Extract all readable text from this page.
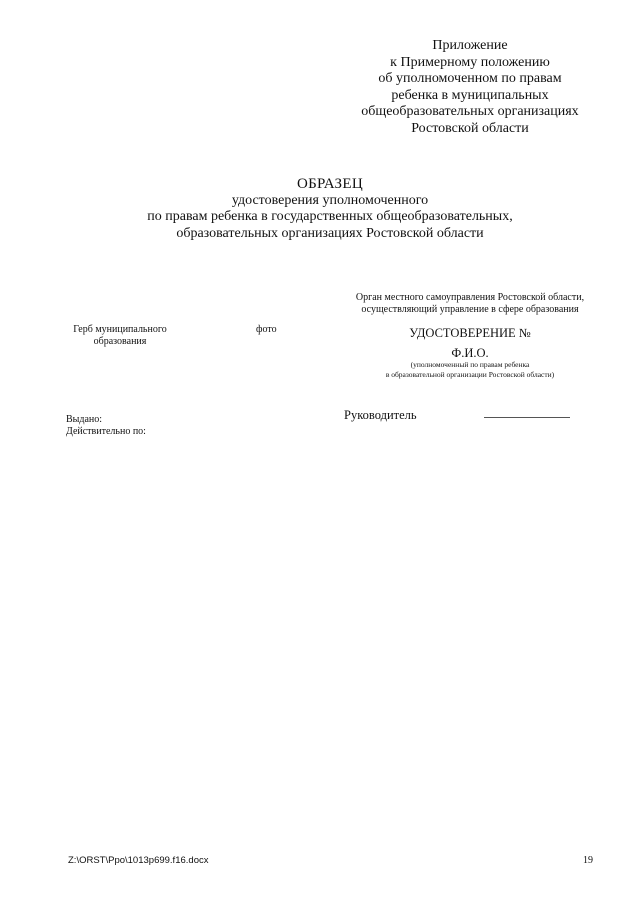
Приложение
к Примерному положению
об уполномоченном по правам
ребенка в муниципальных
общеобразовательных организациях
Ростовской области
ОБРАЗЕЦ
удостоверения уполномоченного
по правам ребенка в государственных общеобразовательных,
образовательных организациях Ростовской области
Орган местного самоуправления Ростовской области,
осуществляющий управление в сфере образования
Герб муниципального
образования
фото	УДОСТОВЕРЕНИЕ №
Ф.И.О.
(уполномоченный по правам ребенка
в образовательной организации Ростовской области)
Руководитель
Выдано:
Действительно по:
Z:\ORST\Ppo\1013p699.f16.docx	19
